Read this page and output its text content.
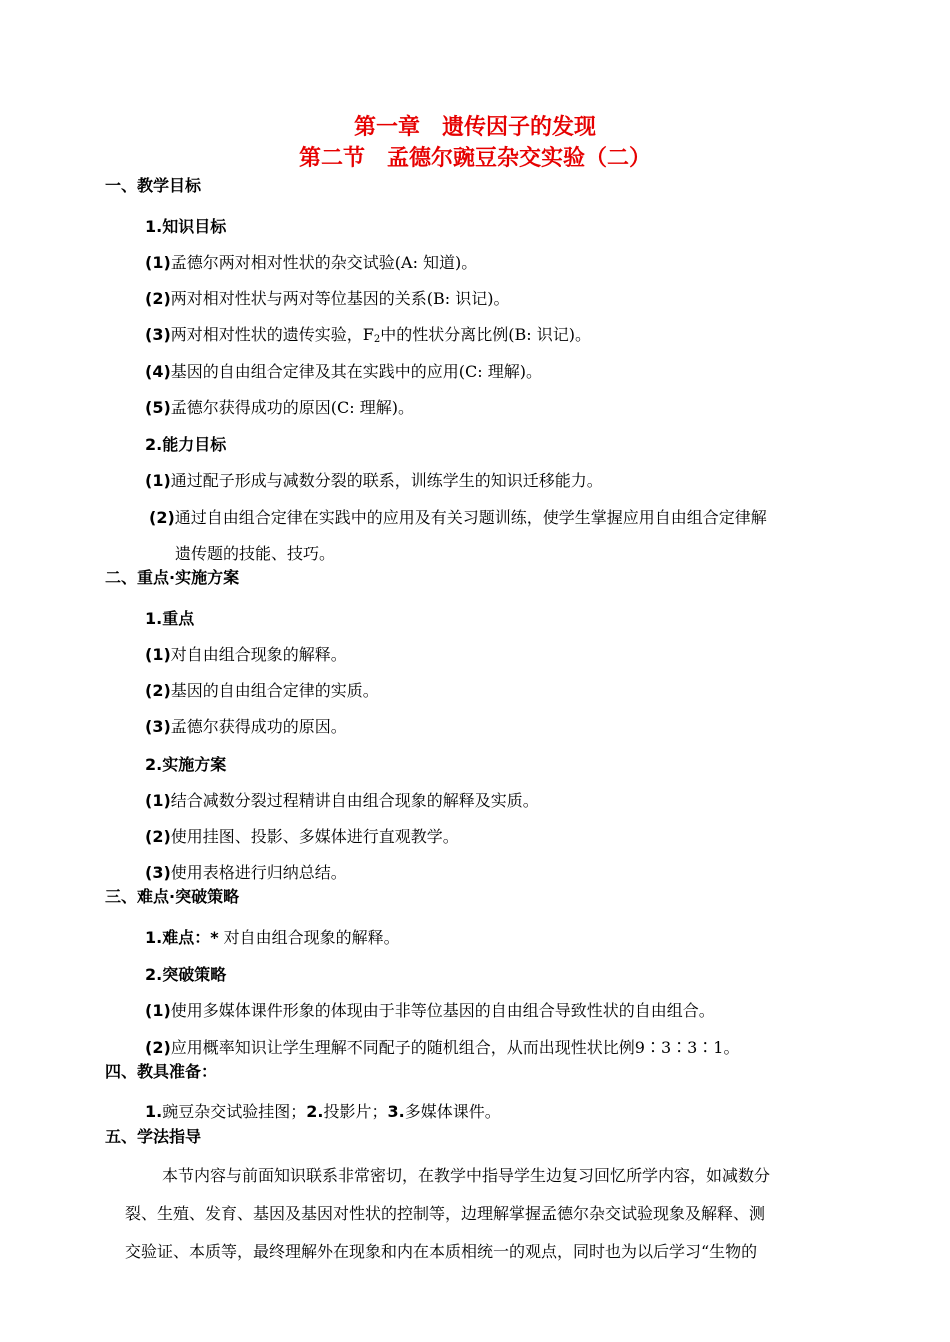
第一章　遗传因子的发现
第二节　孟德尔豌豆杂交实验（二）
一、教学目标
1.知识目标
(1)孟德尔两对相对性状的杂交试验(A: 知道)。
(2)两对相对性状与两对等位基因的关系(B: 识记)。
(3)两对相对性状的遗传实验，$F_2$中的性状分离比例(B: 识记)。
(4)基因的自由组合定律及其在实践中的应用(C: 理解)。
(5)孟德尔获得成功的原因(C: 理解)。
2.能力目标
(1)通过配子形成与减数分裂的联系，训练学生的知识迁移能力。
(2)通过自由组合定律在实践中的应用及有关习题训练，使学生掌握应用自由组合定律解
遗传题的技能、技巧。
二、重点·实施方案
1.重点
(1)对自由组合现象的解释。
(2)基因的自由组合定律的实质。
(3)孟德尔获得成功的原因。
2.实施方案
(1)结合减数分裂过程精讲自由组合现象的解释及实质。
(2)使用挂图、投影、多媒体进行直观教学。
(3)使用表格进行归纳总结。
三、难点·突破策略
1.难点：* 对自由组合现象的解释。
2.突破策略
(1)使用多媒体课件形象的体现由于非等位基因的自由组合导致性状的自由组合。
(2)应用概率知识让学生理解不同配子的随机组合，从而出现性状比例9∶3∶3∶1。
四、教具准备：
1.豌豆杂交试验挂图；2.投影片；3.多媒体课件。
五、学法指导
本节内容与前面知识联系非常密切，在教学中指导学生边复习回忆所学内容，如减数分
裂、生殖、发育、基因及基因对性状的控制等，边理解掌握孟德尔杂交试验现象及解释、测
交验证、本质等，最终理解外在现象和内在本质相统一的观点，同时也为以后学习“生物的
